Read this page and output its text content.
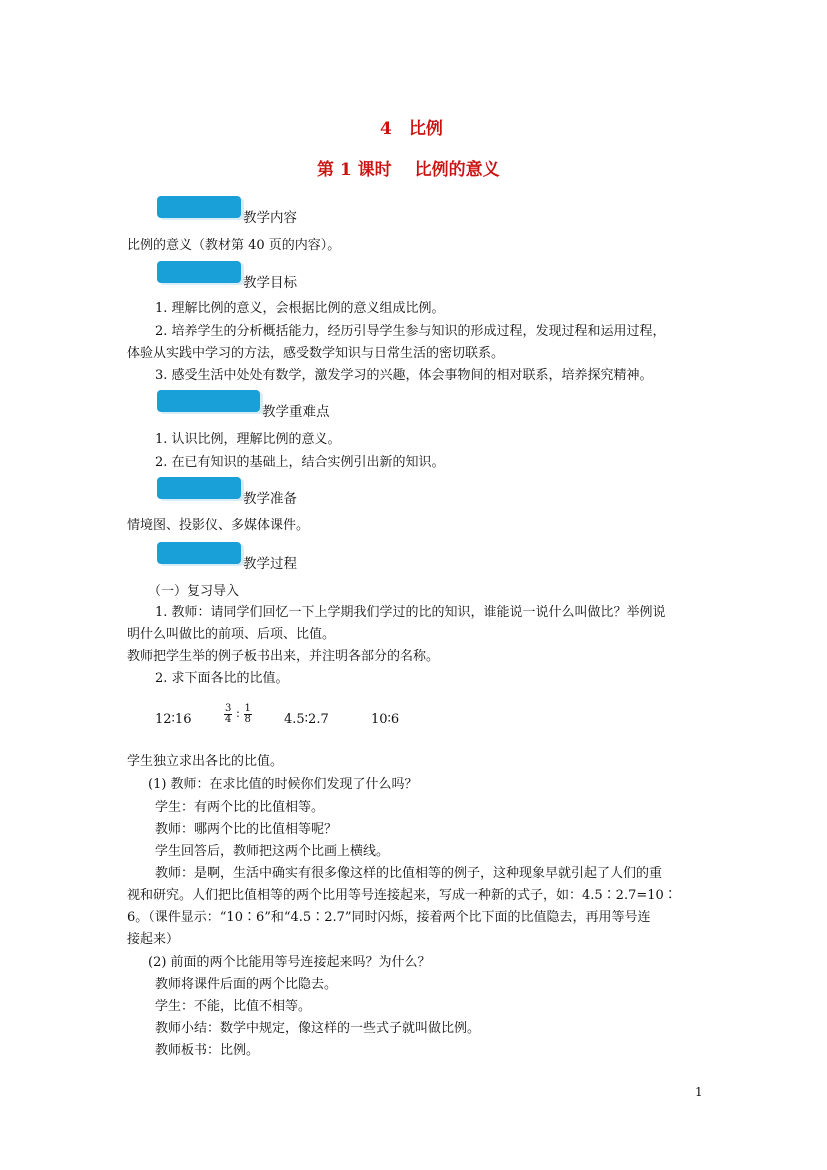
4　比例
第 1 课时　 比例的意义
教学内容
比例的意义（教材第 40 页的内容）。
教学目标
1. 理解比例的意义，会根据比例的意义组成比例。
2. 培养学生的分析概括能力，经历引导学生参与知识的形成过程，发现过程和运用过程，
体验从实践中学习的方法，感受数学知识与日常生活的密切联系。
3. 感受生活中处处有数学，激发学习的兴趣，体会事物间的相对联系，培养探究精神。
教学重难点
1. 认识比例，理解比例的意义。
2. 在已有知识的基础上，结合实例引出新的知识。
教学准备
情境图、投影仪、多媒体课件。
教学过程
（一）复习导入
1. 教师：请同学们回忆一下上学期我们学过的比的知识，谁能说一说什么叫做比？举例说
明什么叫做比的前项、后项、比值。
教师把学生举的例子板书出来，并注明各部分的名称。
2. 求下面各比的比值。
12∶16	$\frac{3}{4}$ ∶ $\frac{1}{8}$ 4.5∶2.7	10∶6
学生独立求出各比的比值。
(1) 教师：在求比值的时候你们发现了什么吗？
学生：有两个比的比值相等。
教师：哪两个比的比值相等呢？
学生回答后，教师把这两个比画上横线。
教师：是啊，生活中确实有很多像这样的比值相等的例子，这种现象早就引起了人们的重
视和研究。人们把比值相等的两个比用等号连接起来，写成一种新的式子，如：4.5∶2.7=10∶
6。（课件显示：“10∶6”和“4.5∶2.7”同时闪烁，接着两个比下面的比值隐去，再用等号连
接起来）
(2) 前面的两个比能用等号连接起来吗？为什么？
教师将课件后面的两个比隐去。
学生：不能，比值不相等。
教师小结：数学中规定，像这样的一些式子就叫做比例。
教师板书：比例。
1
